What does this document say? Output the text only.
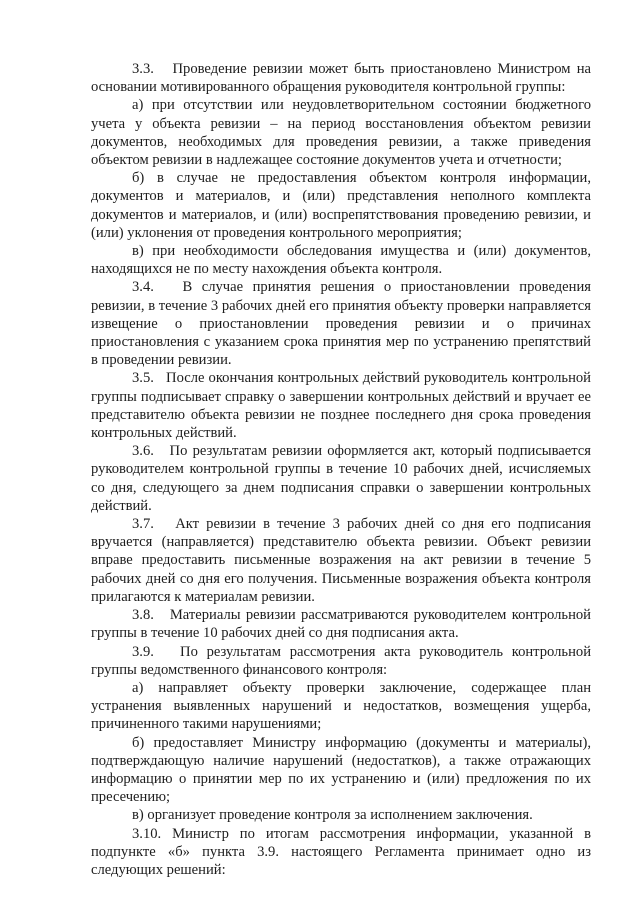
3.3.   Проведение ревизии может быть приостановлено Министром на основании мотивированного обращения руководителя контрольной группы:

а) при отсутствии или неудовлетворительном состоянии бюджетного учета у объекта ревизии – на период восстановления объектом ревизии документов, необходимых для проведения ревизии, а также приведения объектом ревизии в надлежащее состояние документов учета и отчетности;

б) в случае не предоставления объектом контроля информации, документов и материалов, и (или) представления неполного комплекта документов и материалов, и (или) воспрепятствования проведению ревизии, и (или) уклонения от проведения контрольного мероприятия;

в) при необходимости обследования имущества и (или) документов, находящихся не по месту нахождения объекта контроля.

3.4.   В случае принятия решения о приостановлении проведения ревизии, в течение 3 рабочих дней его принятия объекту проверки направляется извещение о приостановлении проведения ревизии и о причинах приостановления с указанием срока принятия мер по устранению препятствий в проведении ревизии.

3.5.   После окончания контрольных действий руководитель контрольной группы подписывает справку о завершении контрольных действий и вручает ее представителю объекта ревизии не позднее последнего дня срока проведения контрольных действий.

3.6.   По результатам ревизии оформляется акт, который подписывается руководителем контрольной группы в течение 10 рабочих дней, исчисляемых со дня, следующего за днем подписания справки о завершении контрольных действий.

3.7.   Акт ревизии в течение 3 рабочих дней со дня его подписания вручается (направляется) представителю объекта ревизии. Объект ревизии вправе предоставить письменные возражения на акт ревизии в течение 5 рабочих дней со дня его получения. Письменные возражения объекта контроля прилагаются к материалам ревизии.

3.8.   Материалы ревизии рассматриваются руководителем контрольной группы в течение 10 рабочих дней со дня подписания акта.

3.9.   По результатам рассмотрения акта руководитель контрольной группы ведомственного финансового контроля:

а) направляет объекту проверки заключение, содержащее план устранения выявленных нарушений и недостатков, возмещения ущерба, причиненного такими нарушениями;

б) предоставляет Министру информацию (документы и материалы), подтверждающую наличие нарушений (недостатков), а также отражающих информацию о принятии мер по их устранению и (или) предложения по их пресечению;

в) организует проведение контроля за исполнением заключения.

3.10. Министр по итогам рассмотрения информации, указанной в подпункте «б» пункта 3.9. настоящего Регламента принимает одно из следующих решений:
